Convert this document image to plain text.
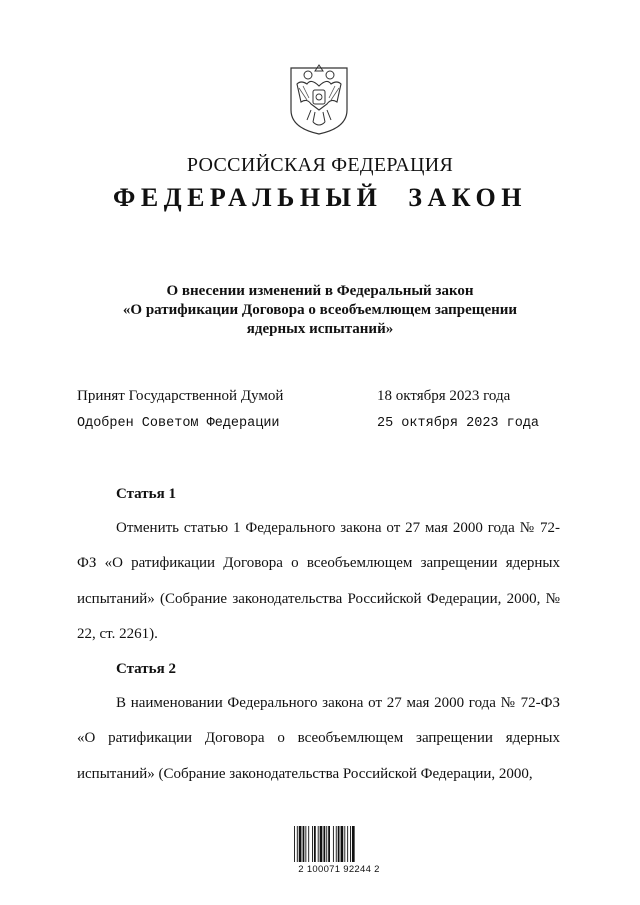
РОССИЙСКАЯ ФЕДЕРАЦИЯ
ФЕДЕРАЛЬНЫЙ ЗАКОН
О внесении изменений в Федеральный закон
«О ратификации Договора о всеобъемлющем запрещении
ядерных испытаний»
Принят Государственной Думой	18 октября 2023 года
Одобрен Советом Федерации	25 октября 2023 года
Статья 1

Отменить статью 1 Федерального закона от 27 мая 2000 года № 72-ФЗ «О ратификации Договора о всеобъемлющем запрещении ядерных испытаний» (Собрание законодательства Российской Федерации, 2000, № 22, ст. 2261).

Статья 2

В наименовании Федерального закона от 27 мая 2000 года № 72-ФЗ «О ратификации Договора о всеобъемлющем запрещении ядерных испытаний» (Собрание законодательства Российской Федерации, 2000,

2 100071 92244 2
